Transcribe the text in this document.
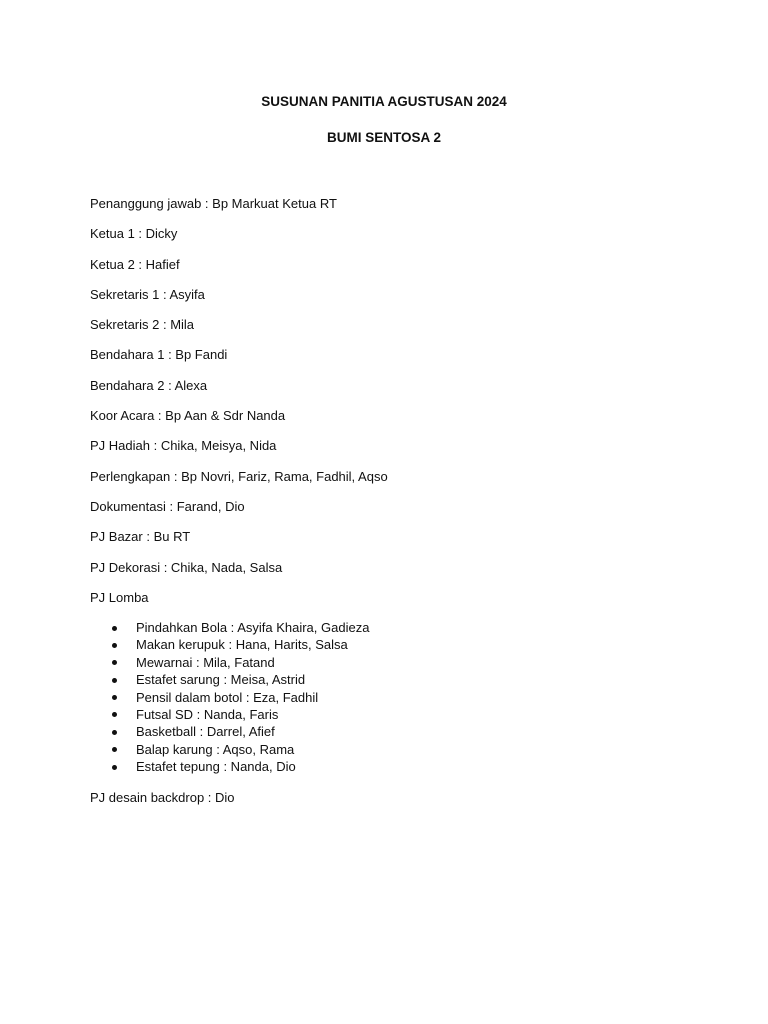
SUSUNAN PANITIA AGUSTUSAN 2024

BUMI SENTOSA 2

Penanggung jawab : Bp Markuat Ketua RT

Ketua 1 : Dicky

Ketua 2 : Hafief

Sekretaris 1 : Asyifa

Sekretaris 2 : Mila

Bendahara 1 : Bp Fandi

Bendahara 2 : Alexa

Koor Acara : Bp Aan & Sdr Nanda

PJ Hadiah : Chika, Meisya, Nida

Perlengkapan : Bp Novri, Fariz, Rama, Fadhil, Aqso

Dokumentasi : Farand, Dio

PJ Bazar : Bu RT

PJ Dekorasi : Chika, Nada, Salsa

PJ Lomba

Pindahkan Bola : Asyifa Khaira, Gadieza
Makan kerupuk : Hana, Harits, Salsa
Mewarnai : Mila, Fatand
Estafet sarung : Meisa, Astrid
Pensil dalam botol : Eza, Fadhil
Futsal SD : Nanda, Faris
Basketball : Darrel, Afief
Balap karung : Aqso, Rama
Estafet tepung : Nanda, Dio

PJ desain backdrop : Dio
